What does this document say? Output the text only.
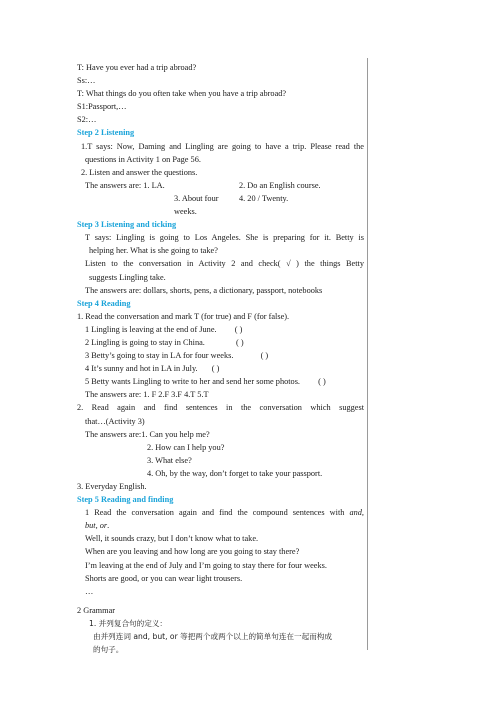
T: Have you ever had a trip abroad?
Ss:…
T: What things do you often take when you have a trip abroad?
S1:Passport,…
S2:…
Step 2 Listening
1.T says: Now, Daming and Lingling are going to have a trip. Please read the
questions in Activity 1 on Page 56.
2. Listen and answer the questions.
The answers are: 1. LA.	2. Do an English course.
3. About four weeks.
4. 20 / Twenty.
Step 3 Listening and ticking
T says: Lingling is going to Los Angeles. She is preparing for it. Betty is
helping her. What is she going to take?
Listen to the conversation in Activity 2 and check( √ ) the things Betty
suggests Lingling take.
The answers are: dollars, shorts, pens, a dictionary, passport, notebooks
Step 4 Reading
1. Read the conversation and mark T (for true) and F (for false).
1 Lingling is leaving at the end of June. ( )
2 Lingling is going to stay in China.	( )
3 Betty’s going to stay in LA for four weeks.	( )
4 It’s sunny and hot in LA in July. ( )
5 Betty wants Lingling to write to her and send her some photos. ( )
The answers are: 1. F 2.F 3.F 4.T 5.T
2. Read again and find sentences in the conversation which suggest
that…(Activity 3)
The answers are:1. Can you help me?
2. How can I help you?
3. What else?
4. Oh, by the way, don’t forget to take your passport.
3. Everyday English.
Step 5 Reading and finding
1 Read the conversation again and find the compound sentences with and,
but, or.
Well, it sounds crazy, but I don’t know what to take.
When are you leaving and how long are you going to stay there?
I’m leaving at the end of July and I’m going to stay there for four weeks.
Shorts are good, or you can wear light trousers.
…
2 Grammar
1. 并列复合句的定义：
由并列连词 and, but, or 等把两个或两个以上的简单句连在一起而构成
的句子。
